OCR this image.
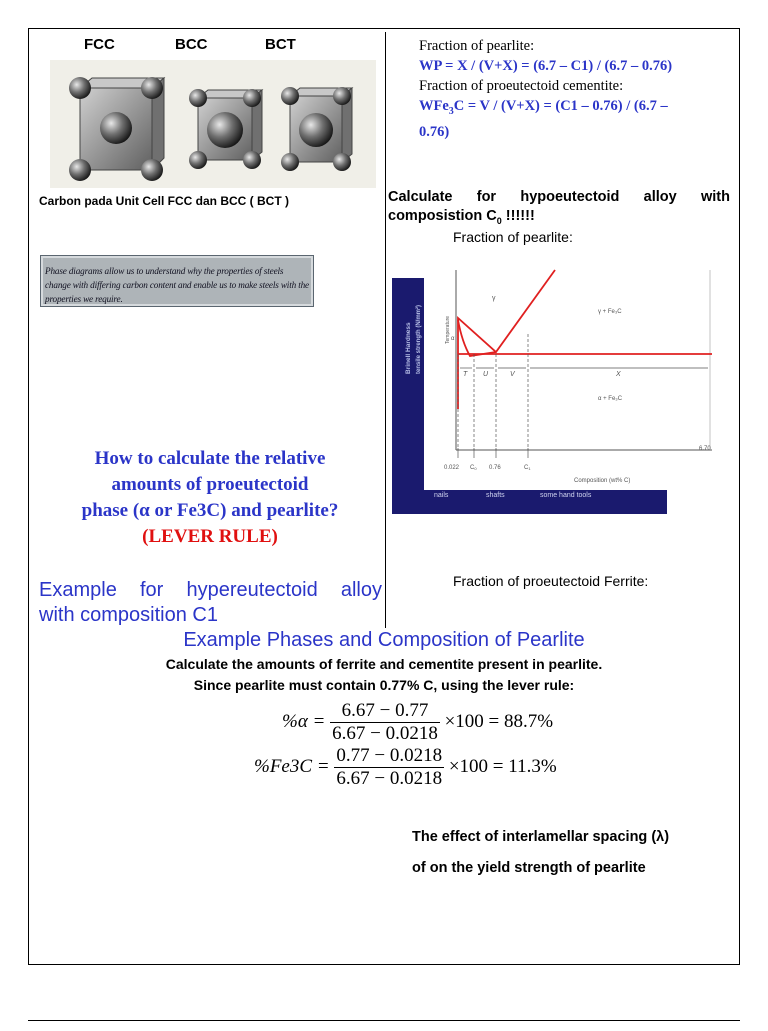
FCC	BCC	BCT
Carbon pada Unit Cell FCC dan BCC ( BCT )
Phase diagrams allow us to understand why the properties of steels change with differing carbon content and enable us to make steels with the properties we require.
How to calculate the relative
amounts of proeutectoid
phase (α or Fe3C) and pearlite?
(LEVER RULE)
Example for hypereutectoid alloy
with composition C1
Fraction of pearlite:
WP = X / (V+X) = (6.7 – C1) / (6.7 – 0.76)
Fraction of proeutectoid cementite:
WFe$_3$C = V / (V+X) = (C1 – 0.76) / (6.7 –
0.76)
Calculate for hypoeutectoid alloy with
composistion $C_0$ !!!!!!
Fraction of pearlite:
γ
γ + Fe₃C
α + Fe₃C
α
T U	V	X
6.70
0.022 C0 0.76	C1
Composition (wt% C)
Temperature
Brinell Hardness tensile strength (N/mm²)
nails	shafts	some hand tools
Fraction of proeutectoid Ferrite:
Example Phases and Composition of Pearlite
Calculate the amounts of ferrite and cementite present in pearlite.
Since pearlite must contain 0.77% C, using the lever rule:
$\%\alpha = \frac{6.67 - 0.77}{6.67 - 0.0218} \times 100 = 88.7\%$
$\%Fe3C = \frac{0.77 - 0.0218}{6.67 - 0.0218} \times 100 = 11.3\%$
The effect of interlamellar spacing (λ)
of on the yield strength of pearlite
